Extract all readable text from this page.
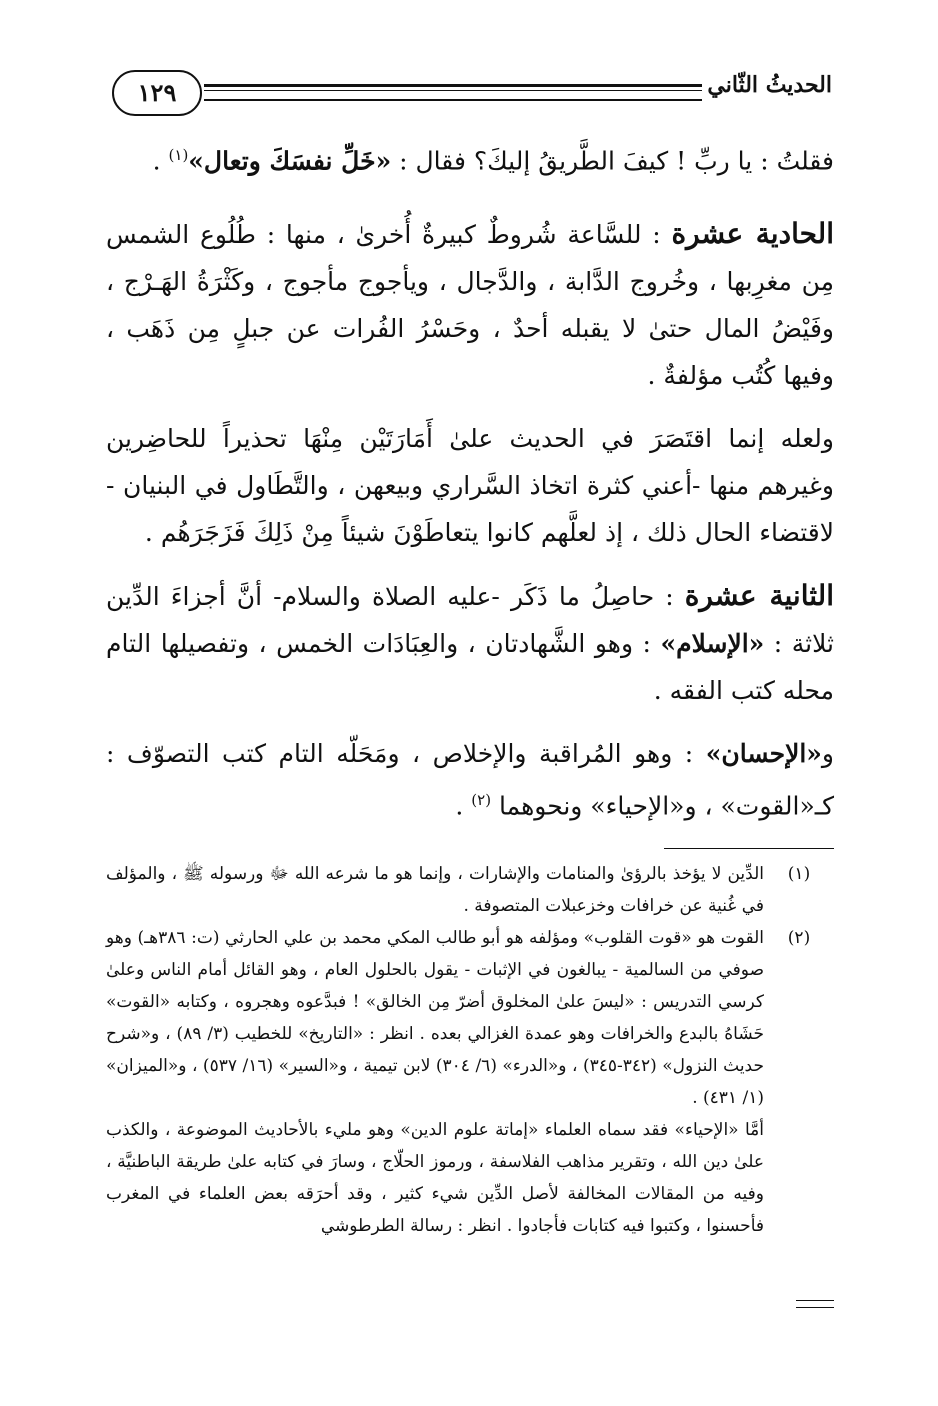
١٢٩	الحديثُ الثّاني

فقلتُ : يا ربِّ ! كيفَ الطَّريقُ إليكَ؟ فقال : «خَلِّ نفسَكَ وتعال»$^{(١)}$ .

الحادية عشرة : للسَّاعة شُروطٌ كبيرةٌ أُخرىٰ ، منها : طُلُوع الشمس مِن مغرِبها ، وخُروج الدَّابة ، والدَّجال ، ويأجوج مأجوج ، وكَثْرَةُ الهَـرْج ، وفَيْضُ المال حتىٰ لا يقبله أحدٌ ، وحَسْرُ الفُرات عن جبلٍ مِن ذَهَب ، وفيها كُتُب مؤلفةٌ .

ولعله إنما اقتَصَرَ في الحديث علىٰ أَمَارَتَيْن مِنْهَا تحذيراً للحاضِرين وغيرهم منها -أعني كثرة اتخاذ السَّراري وبيعهن ، والتَّطَاول في البنيان - لاقتضاء الحال ذلك ، إذ لعلَّهم كانوا يتعاطَوْنَ شيئاً مِنْ ذَلِكَ فَزَجَرَهُم .

الثانية عشرة : حاصِلُ ما ذَكَر -عليه الصلاة والسلام- أنَّ أجزاءَ الدِّين ثلاثة : «الإسلام» : وهو الشَّهادتان ، والعِبَادَات الخمس ، وتفصيلها التام محله كتب الفقه .

و«الإحسان» : وهو المُراقبة والإخلاص ، ومَحَلّه التام كتب التصوّف : كـ«القوت» ، و«الإحياء» ونحوهما $^{(٢)}$ .

(١)

الدِّين لا يؤخذ بالرؤىٰ والمنامات والإشارات ، وإنما هو ما شرعه الله ﷻ ورسوله ﷺ ، والمؤلف في غُنية عن خرافات وخزعبلات المتصوفة .

(٢)

القوت هو «قوت القلوب» ومؤلفه هو أبو طالب المكي محمد بن علي الحارثي (ت: ٣٨٦هـ) وهو صوفي من السالمية - يبالغون في الإثبات - يقول بالحلول العام ، وهو القائل أمام الناس وعلىٰ كرسي التدريس : «ليسَ علىٰ المخلوق أضرّ مِن الخالق» ! فبدَّعوه وهجروه ، وكتابه «القوت» حَشَاهُ بالبدع والخرافات وهو عمدة الغزالي بعده . انظر : «التاريخ» للخطيب (٣/ ٨٩) ، و«شرح حديث النزول» (٣٤٢-٣٤٥) ، و«الدرء» (٦/ ٣٠٤) لابن تيمية ، و«السير» (١٦/ ٥٣٧) ، و«الميزان» (١/ ٤٣١) .

أمَّا «الإحياء» فقد سماه العلماء «إماتة علوم الدين» وهو مليء بالأحاديث الموضوعة ، والكذب علىٰ دين الله ، وتقرير مذاهب الفلاسفة ، ورموز الحلّاج ، وسارَ في كتابه علىٰ طريقة الباطنيَّة ، وفيه من المقالات المخالفة لأصل الدِّين شيء كثير ، وقد أحرَقه بعض العلماء في المغرب فأحسنوا ، وكتبوا فيه كتابات فأجادوا . انظر : رسالة الطرطوشي
